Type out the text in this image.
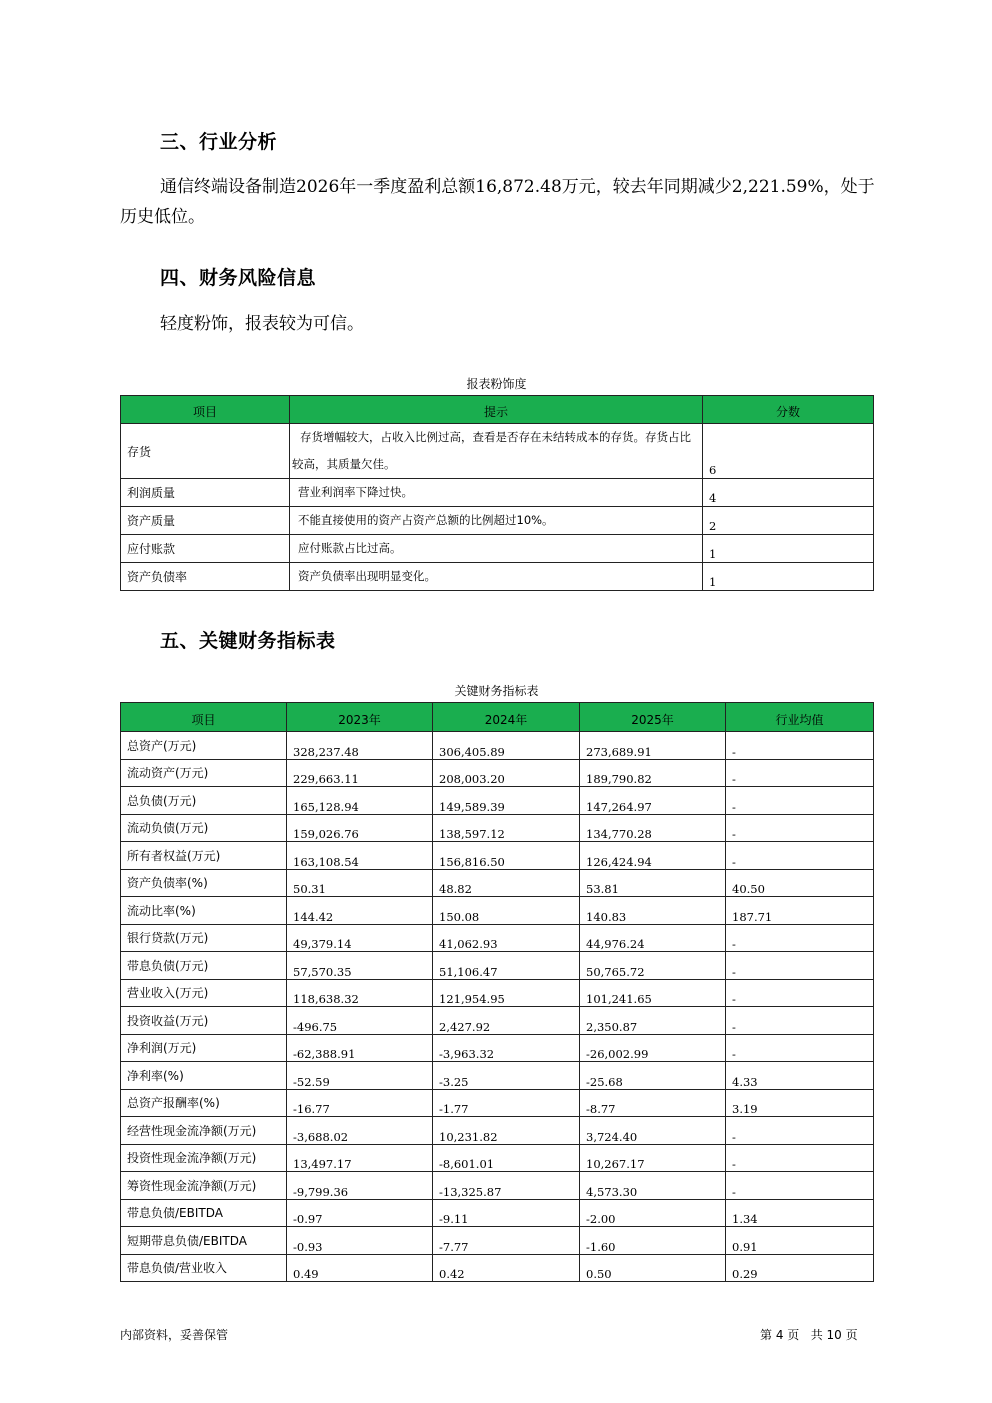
三、行业分析

通信终端设备制造2026年一季度盈利总额16,872.48万元，较去年同期减少2,221.59%，处于历史低位。

四、财务风险信息

轻度粉饰，报表较为可信。

报表粉饰度
项目	提示	分数
存货	存货增幅较大，占收入比例过高，查看是否存在未结转成本的存货。存货占比较高，其质量欠佳。	6
利润质量	营业利润率下降过快。	4
资产质量	不能直接使用的资产占资产总额的比例超过10%。	2
应付账款	应付账款占比过高。	1
资产负债率	资产负债率出现明显变化。	1
五、关键财务指标表
关键财务指标表
项目	2023年	2024年	2025年	行业均值
总资产(万元)	328,237.48	306,405.89	273,689.91	-
流动资产(万元)	229,663.11	208,003.20	189,790.82	-
总负债(万元)	165,128.94	149,589.39	147,264.97	-
流动负债(万元)	159,026.76	138,597.12	134,770.28	-
所有者权益(万元)	163,108.54	156,816.50	126,424.94	-
资产负债率(%)	50.31	48.82	53.81	40.50
流动比率(%)	144.42	150.08	140.83	187.71
银行贷款(万元)	49,379.14	41,062.93	44,976.24	-
带息负债(万元)	57,570.35	51,106.47	50,765.72	-
营业收入(万元)	118,638.32	121,954.95	101,241.65	-
投资收益(万元)	-496.75	2,427.92	2,350.87	-
净利润(万元)	-62,388.91	-3,963.32	-26,002.99	-
净利率(%)	-52.59	-3.25	-25.68	4.33
总资产报酬率(%)	-16.77	-1.77	-8.77	3.19
经营性现金流净额(万元)	-3,688.02	10,231.82	3,724.40	-
投资性现金流净额(万元)	13,497.17	-8,601.01	10,267.17	-
筹资性现金流净额(万元)	-9,799.36	-13,325.87	4,573.30	-
带息负债/EBITDA	-0.97	-9.11	-2.00	1.34
短期带息负债/EBITDA	-0.93	-7.77	-1.60	0.91
带息负债/营业收入	0.49	0.42	0.50	0.29
内部资料，妥善保管	第 4 页   共 10 页
